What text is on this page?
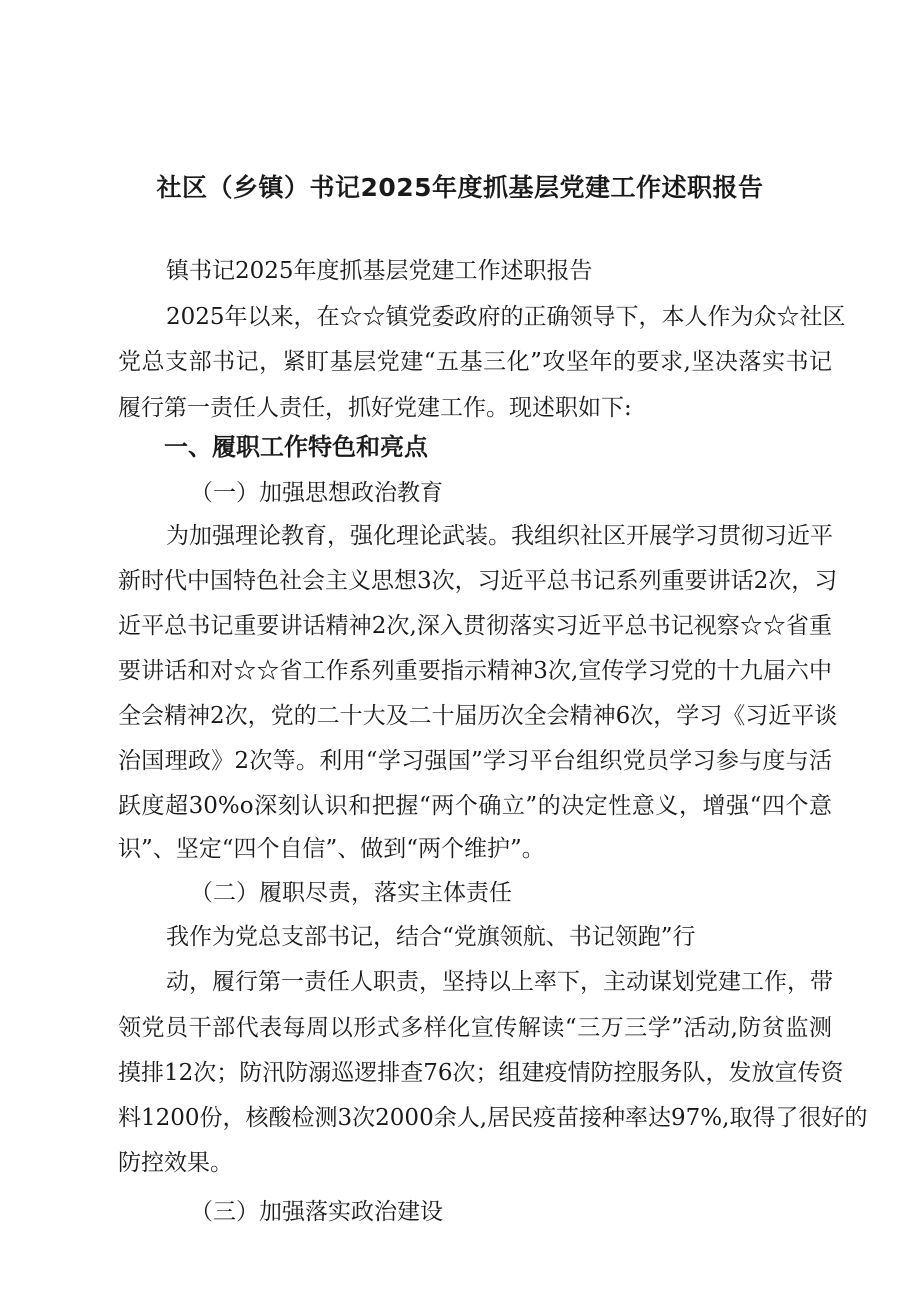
社区（乡镇）书记2025年度抓基层党建工作述职报告
镇书记2025年度抓基层党建工作述职报告
2025年以来，在☆☆镇党委政府的正确领导下，本人作为众☆社区
党总支部书记，紧盯基层党建“五基三化”攻坚年的要求,坚决落实书记
履行第一责任人责任，抓好党建工作。现述职如下:
一、履职工作特色和亮点
（一）加强思想政治教育
为加强理论教育，强化理论武装。我组织社区开展学习贯彻习近平
新时代中国特色社会主义思想3次，习近平总书记系列重要讲话2次，习
近平总书记重要讲话精神2次,深入贯彻落实习近平总书记视察☆☆省重
要讲话和对☆☆省工作系列重要指示精神3次,宣传学习党的十九届六中
全会精神2次，党的二十大及二十届历次全会精神6次，学习《习近平谈
治国理政》2次等。利用“学习强国”学习平台组织党员学习参与度与活
跃度超30%o深刻认识和把握“两个确立”的决定性意义，增强“四个意
识”、坚定“四个自信”、做到“两个维护”。
（二）履职尽责，落实主体责任
我作为党总支部书记，结合“党旗领航、书记领跑”行
动，履行第一责任人职责，坚持以上率下，主动谋划党建工作，带
领党员干部代表每周以形式多样化宣传解读“三万三学”活动,防贫监测
摸排12次；防汛防溺巡逻排查76次；组建疫情防控服务队，发放宣传资
料1200份，核酸检测3次2000余人,居民疫苗接种率达97%,取得了很好的
防控效果。
（三）加强落实政治建设
